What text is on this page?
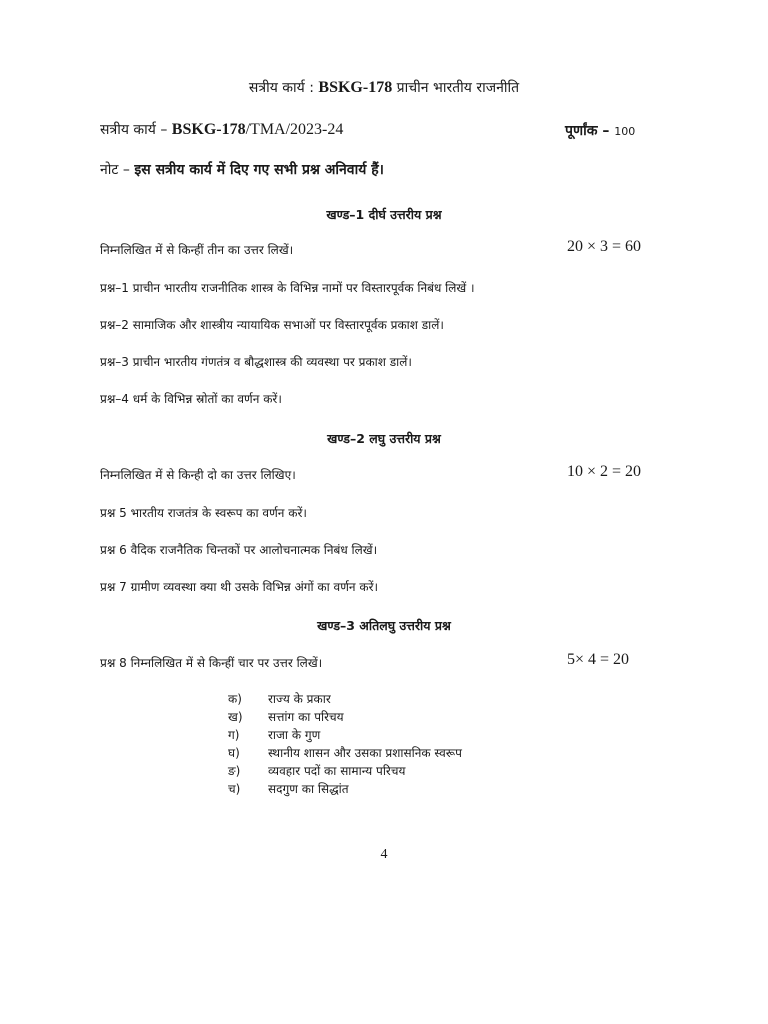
सत्रीय कार्य : BSKG-178 प्राचीन भारतीय राजनीति
सत्रीय कार्य – BSKG-178/TMA/2023-24	पूर्णांक – 100
नोट – इस सत्रीय कार्य में दिए गए सभी प्रश्न अनिवार्य हैं।
खण्ड–1 दीर्घ उत्तरीय प्रश्न
निम्नलिखित में से किन्हीं तीन का उत्तर लिखें।	20 × 3 = 60
प्रश्न–1 प्राचीन भारतीय राजनीतिक शास्त्र के विभिन्न नामों पर विस्तारपूर्वक निबंध लिखें ।
प्रश्न–2 सामाजिक और शास्त्रीय न्यायायिक सभाओं पर विस्तारपूर्वक प्रकाश डालें।
प्रश्न–3 प्राचीन भारतीय गंणतंत्र व बौद्धशास्त्र की व्यवस्था पर प्रकाश डालें।
प्रश्न–4 धर्म के विभिन्न स्रोतों का वर्णन करें।
खण्ड–2 लघु उत्तरीय प्रश्न
निम्नलिखित में से किन्ही दो का उत्तर लिखिए।	10 × 2 = 20
प्रश्न 5 भारतीय राजतंत्र के स्वरूप का वर्णन करें।
प्रश्न 6 वैदिक राजनैतिक चिन्तकों पर आलोचनात्मक निबंध लिखें।
प्रश्न 7 ग्रामीण व्यवस्था क्या थी उसके विभिन्न अंगों का वर्णन करें।
खण्ड–3 अतिलघु उत्तरीय प्रश्न
प्रश्न 8 निम्नलिखित में से किन्हीं चार पर उत्तर लिखें।	5× 4 = 20
क)	राज्य के प्रकार
ख)	सत्तांग का परिचय
ग)	राजा के गुण
घ)	स्थानीय शासन और उसका प्रशासनिक स्वरूप
ङ)	व्यवहार पदों का सामान्य परिचय
च)	सदगुण का सिद्धांत
4
